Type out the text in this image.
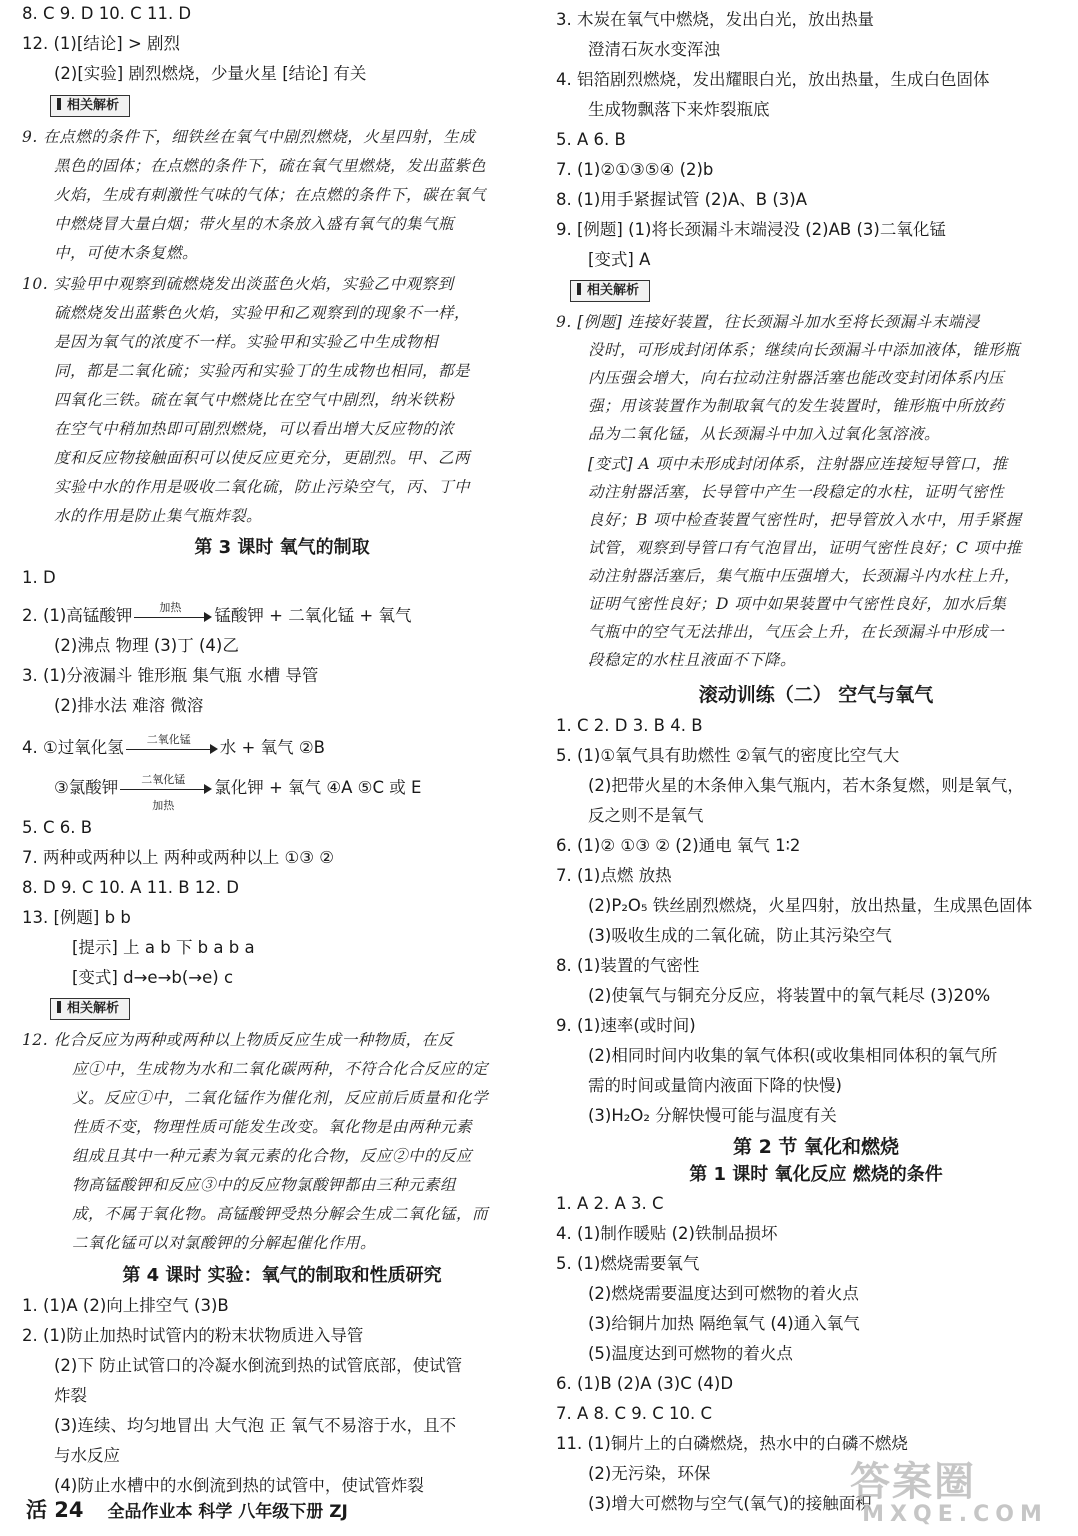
8. C 9. D 10. C 11. D
12. (1)[结论] > 剧烈
(2)[实验] 剧烈燃烧，少量火星 [结论] 有关
相关解析
9. 在点燃的条件下，细铁丝在氧气中剧烈燃烧，火星四射，生成
黑色的固体；在点燃的条件下，硫在氧气里燃烧，发出蓝紫色
火焰，生成有刺激性气味的气体；在点燃的条件下，碳在氧气
中燃烧冒大量白烟；带火星的木条放入盛有氧气的集气瓶
中，可使木条复燃。
10. 实验甲中观察到硫燃烧发出淡蓝色火焰，实验乙中观察到
硫燃烧发出蓝紫色火焰，实验甲和乙观察到的现象不一样，
是因为氧气的浓度不一样。实验甲和实验乙中生成物相
同，都是二氧化硫；实验丙和实验丁的生成物也相同，都是
四氧化三铁。硫在氧气中燃烧比在空气中剧烈，纳米铁粉
在空气中稍加热即可剧烈燃烧，可以看出增大反应物的浓
度和反应物接触面积可以使反应更充分，更剧烈。甲、乙两
实验中水的作用是吸收二氧化硫，防止污染空气，丙、丁中
水的作用是防止集气瓶炸裂。
第 3 课时 氧气的制取
1. D
2. (1)高锰酸钾	加热	锰酸钾 + 二氧化锰 + 氧气
(2)沸点 物理 (3)丁 (4)乙
3. (1)分液漏斗 锥形瓶 集气瓶 水槽 导管
(2)排水法 难溶 微溶
4. ①过氧化氢	二氧化锰	水 + 氧气 ②B
③氯酸钾	二氧化锰
加热
氯化钾 + 氧气 ④A ⑤C 或 E
5. C 6. B
7. 两种或两种以上 两种或两种以上 ①③ ②
8. D 9. C 10. A 11. B 12. D
13. [例题] b b
[提示] 上 a b 下 b a b a
[变式] d→e→b(→e) c
相关解析
12. 化合反应为两种或两种以上物质反应生成一种物质，在反
应①中，生成物为水和二氧化碳两种，不符合化合反应的定
义。反应①中，二氧化锰作为催化剂，反应前后质量和化学
性质不变，物理性质可能发生改变。氧化物是由两种元素
组成且其中一种元素为氧元素的化合物，反应②中的反应
物高锰酸钾和反应③中的反应物氯酸钾都由三种元素组
成，不属于氧化物。高锰酸钾受热分解会生成二氧化锰，而
二氧化锰可以对氯酸钾的分解起催化作用。
第 4 课时 实验：氧气的制取和性质研究
1. (1)A (2)向上排空气 (3)B
2. (1)防止加热时试管内的粉末状物质进入导管
(2)下 防止试管口的冷凝水倒流到热的试管底部，使试管
炸裂
(3)连续、均匀地冒出 大气泡 正 氧气不易溶于水，且不
与水反应
(4)防止水槽中的水倒流到热的试管中，使试管炸裂
3. 木炭在氧气中燃烧，发出白光，放出热量
澄清石灰水变浑浊
4. 铝箔剧烈燃烧，发出耀眼白光，放出热量，生成白色固体
生成物飘落下来炸裂瓶底
5. A 6. B
7. (1)②①③⑤④ (2)b
8. (1)用手紧握试管 (2)A、B (3)A
9. [例题] (1)将长颈漏斗末端浸没 (2)AB (3)二氧化锰
[变式] A
相关解析
9. [例题] 连接好装置，往长颈漏斗加水至将长颈漏斗末端浸
没时，可形成封闭体系；继续向长颈漏斗中添加液体，锥形瓶
内压强会增大，向右拉动注射器活塞也能改变封闭体系内压
强；用该装置作为制取氧气的发生装置时，锥形瓶中所放药
品为二氧化锰，从长颈漏斗中加入过氧化氢溶液。
[变式] A 项中未形成封闭体系，注射器应连接短导管口，推
动注射器活塞，长导管中产生一段稳定的水柱，证明气密性
良好；B 项中检查装置气密性时，把导管放入水中，用手紧握
试管，观察到导管口有气泡冒出，证明气密性良好；C 项中推
动注射器活塞后，集气瓶中压强增大，长颈漏斗内水柱上升，
证明气密性良好；D 项中如果装置中气密性良好，加水后集
气瓶中的空气无法排出，气压会上升，在长颈漏斗中形成一
段稳定的水柱且液面不下降。
滚动训练（二） 空气与氧气
1. C 2. D 3. B 4. B
5. (1)①氧气具有助燃性 ②氧气的密度比空气大
(2)把带火星的木条伸入集气瓶内，若木条复燃，则是氧气，
反之则不是氧气
6. (1)② ①③ ② (2)通电 氧气 1∶2
7. (1)点燃 放热
(2)P₂O₅ 铁丝剧烈燃烧，火星四射，放出热量，生成黑色固体
(3)吸收生成的二氧化硫，防止其污染空气
8. (1)装置的气密性
(2)使氧气与铜充分反应，将装置中的氧气耗尽 (3)20%
9. (1)速率(或时间)
(2)相同时间内收集的氧气体积(或收集相同体积的氧气所
需的时间或量筒内液面下降的快慢)
(3)H₂O₂ 分解快慢可能与温度有关
第 2 节 氧化和燃烧
第 1 课时 氧化反应 燃烧的条件
1. A 2. A 3. C
4. (1)制作暖贴 (2)铁制品损坏
5. (1)燃烧需要氧气
(2)燃烧需要温度达到可燃物的着火点
(3)给铜片加热 隔绝氧气 (4)通入氧气
(5)温度达到可燃物的着火点
6. (1)B (2)A (3)C (4)D
7. A 8. C 9. C 10. C
11. (1)铜片上的白磷燃烧，热水中的白磷不燃烧
(2)无污染，环保
(3)增大可燃物与空气(氧气)的接触面积
活 24 全品作业本 科学 八年级下册 ZJ
答案圈
MXQE.COM
